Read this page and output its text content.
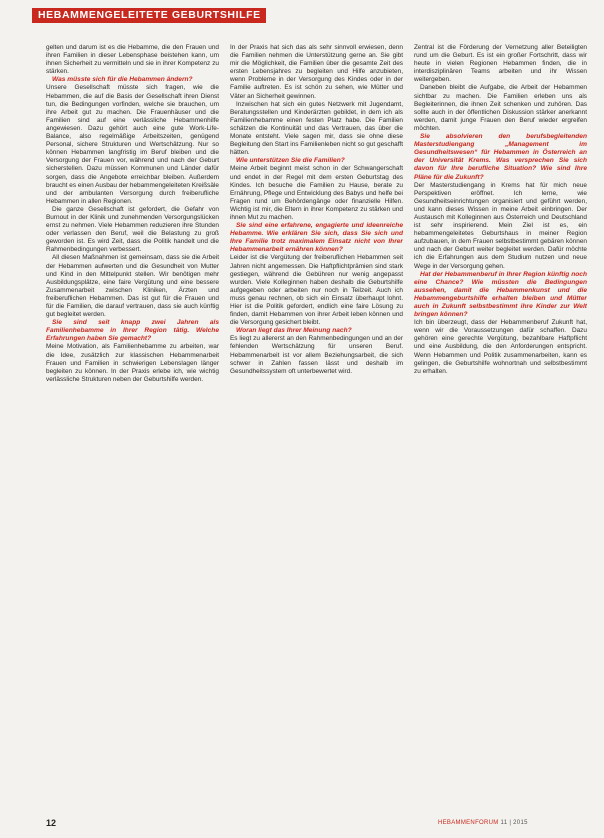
HEBAMMENGELEITETE GEBURTSHILFE

gelten und darum ist es die Hebamme, die den Frauen und ihren Familien in dieser Lebensphase beistehen kann, um ihnen Sicherheit zu vermitteln und sie in ihrer Kompetenz zu stärken.

Was müsste sich für die Hebammen ändern?

Unsere Gesellschaft müsste sich fragen, wie die Hebammen, die auf die Basis der Gesellschaft ihren Dienst tun, die Bedingungen vorfinden, welche sie brauchen, um ihre Arbeit gut zu machen. Die Frauenhäuser und die Familien sind auf eine verlässliche Hebammenhilfe angewiesen. Dazu gehört auch eine gute Work-Life-Balance, also regelmäßige Arbeitszeiten, genügend Personal, sichere Strukturen und Wertschätzung. Nur so können Hebammen langfristig im Beruf bleiben und die Versorgung der Frauen vor, während und nach der Geburt sicherstellen. Dazu müssen Kommunen und Länder dafür sorgen, dass die Angebote erreichbar bleiben. Außerdem braucht es einen Ausbau der hebammengeleiteten Kreißsäle und der ambulanten Versorgung durch freiberufliche Hebammen in allen Regionen.

Die ganze Gesellschaft ist gefordert, die Gefahr von Burnout in der Klinik und zunehmenden Versorgungslücken ernst zu nehmen. Viele Hebammen reduzieren ihre Stunden oder verlassen den Beruf, weil die Belastung zu groß geworden ist. Es wird Zeit, dass die Politik handelt und die Rahmenbedingungen verbessert.

All diesen Maßnahmen ist gemeinsam, dass sie die Arbeit der Hebammen aufwerten und die Gesundheit von Mutter und Kind in den Mittelpunkt stellen. Wir benötigen mehr Ausbildungsplätze, eine faire Vergütung und eine bessere Zusammenarbeit zwischen Kliniken, Ärzten und freiberuflichen Hebammen. Das ist gut für die Frauen und für die Familien, die darauf vertrauen, dass sie auch künftig gut begleitet werden.

Sie sind seit knapp zwei Jahren als Familienhebamme in Ihrer Region tätig. Welche Erfahrungen haben Sie gemacht?

Meine Motivation, als Familienhebamme zu arbeiten, war die Idee, zusätzlich zur klassischen Hebammenarbeit Frauen und Familien in schwierigen Lebenslagen länger begleiten zu können. In der Praxis erlebe ich, wie wichtig verlässliche Strukturen neben der Geburtshilfe werden.

In der Praxis hat sich das als sehr sinnvoll erwiesen, denn die Familien nehmen die Unterstützung gerne an. Sie gibt mir die Möglichkeit, die Familien über die gesamte Zeit des ersten Lebensjahres zu begleiten und Hilfe anzubieten, wenn Probleme in der Versorgung des Kindes oder in der Familie auftreten. Es ist schön zu sehen, wie Mütter und Väter an Sicherheit gewinnen.

Inzwischen hat sich ein gutes Netzwerk mit Jugendamt, Beratungsstellen und Kinderärzten gebildet, in dem ich als Familienhebamme einen festen Platz habe. Die Familien schätzen die Kontinuität und das Vertrauen, das über die Monate entsteht. Viele sagen mir, dass sie ohne diese Begleitung den Start ins Familienleben nicht so gut geschafft hätten.

Wie unterstützen Sie die Familien?

Meine Arbeit beginnt meist schon in der Schwangerschaft und endet in der Regel mit dem ersten Geburtstag des Kindes. Ich besuche die Familien zu Hause, berate zu Ernährung, Pflege und Entwicklung des Babys und helfe bei Fragen rund um Behördengänge oder finanzielle Hilfen. Wichtig ist mir, die Eltern in ihrer Kompetenz zu stärken und ihnen Mut zu machen.

Sie sind eine erfahrene, engagierte und ideenreiche Hebamme. Wie erklären Sie sich, dass Sie sich und Ihre Familie trotz maximalem Einsatz nicht von Ihrer Hebammenarbeit ernähren können?

Leider ist die Vergütung der freiberuflichen Hebammen seit Jahren nicht angemessen. Die Haftpflichtprämien sind stark gestiegen, während die Gebühren nur wenig angepasst wurden. Viele Kolleginnen haben deshalb die Geburtshilfe aufgegeben oder arbeiten nur noch in Teilzeit. Auch ich muss genau rechnen, ob sich ein Einsatz überhaupt lohnt. Hier ist die Politik gefordert, endlich eine faire Lösung zu finden, damit Hebammen von ihrer Arbeit leben können und die Versorgung gesichert bleibt.

Woran liegt das Ihrer Meinung nach?

Es liegt zu allererst an den Rahmenbedingungen und an der fehlenden Wertschätzung für unseren Beruf. Hebammenarbeit ist vor allem Beziehungsarbeit, die sich schwer in Zahlen fassen lässt und deshalb im Gesundheitssystem oft unterbewertet wird.

Zentral ist die Förderung der Vernetzung aller Beteiligten rund um die Geburt. Es ist ein großer Fortschritt, dass wir heute in vielen Regionen Hebammen finden, die in interdisziplinären Teams arbeiten und ihr Wissen weitergeben.

Daneben bleibt die Aufgabe, die Arbeit der Hebammen sichtbar zu machen. Die Familien erleben uns als Begleiterinnen, die ihnen Zeit schenken und zuhören. Das sollte auch in der öffentlichen Diskussion stärker anerkannt werden, damit junge Frauen den Beruf wieder ergreifen möchten.

Sie absolvieren den berufsbegleitenden Masterstudiengang „Management im Gesundheitswesen“ für Hebammen in Österreich an der Universität Krems. Was versprechen Sie sich davon für Ihre berufliche Situation? Wie sind Ihre Pläne für die Zukunft?

Der Masterstudiengang in Krems hat für mich neue Perspektiven eröffnet. Ich lerne, wie Gesundheitseinrichtungen organisiert und geführt werden, und kann dieses Wissen in meine Arbeit einbringen. Der Austausch mit Kolleginnen aus Österreich und Deutschland ist sehr inspirierend. Mein Ziel ist es, ein hebammengeleitetes Geburtshaus in meiner Region aufzubauen, in dem Frauen selbstbestimmt gebären können und nach der Geburt weiter begleitet werden. Dafür möchte ich die Erfahrungen aus dem Studium nutzen und neue Wege in der Versorgung gehen.

Hat der Hebammenberuf in Ihrer Region künftig noch eine Chance? Wie müssten die Bedingungen aussehen, damit die Hebammenkunst und die Hebammengeburtshilfe erhalten bleiben und Mütter auch in Zukunft selbstbestimmt ihre Kinder zur Welt bringen können?

Ich bin überzeugt, dass der Hebammenberuf Zukunft hat, wenn wir die Voraussetzungen dafür schaffen. Dazu gehören eine gerechte Vergütung, bezahlbare Haftpflicht und eine Ausbildung, die den Anforderungen entspricht. Wenn Hebammen und Politik zusammenarbeiten, kann es gelingen, die Geburtshilfe wohnortnah und selbstbestimmt zu erhalten.

12	HEBAMMENFORUM 11 | 2015
